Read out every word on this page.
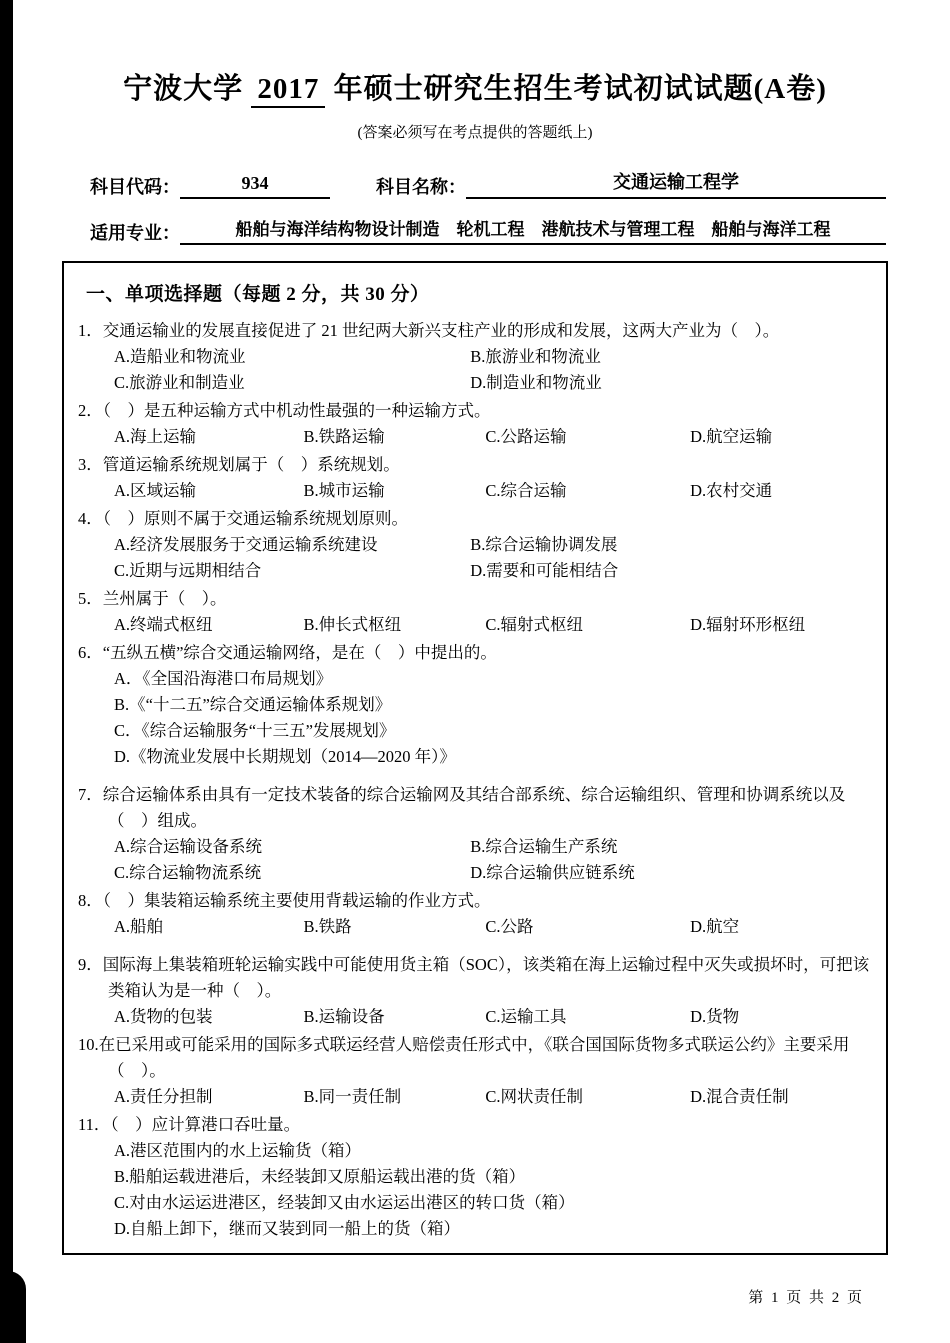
宁波大学 2017 年硕士研究生招生考试初试试题(A卷)
(答案必须写在考点提供的答题纸上)
科目代码：	934	科目名称：	交通运输工程学
适用专业：	船舶与海洋结构物设计制造　轮机工程　港航技术与管理工程　船舶与海洋工程
一、单项选择题（每题 2 分，共 30 分）
1．交通运输业的发展直接促进了 21 世纪两大新兴支柱产业的形成和发展，这两大产业为（　）。
A.造船业和物流业	B.旅游业和物流业
C.旅游业和制造业	D.制造业和物流业
2．（　）是五种运输方式中机动性最强的一种运输方式。
A.海上运输	B.铁路运输	C.公路运输	D.航空运输
3．管道运输系统规划属于（　）系统规划。
A.区域运输	B.城市运输	C.综合运输	D.农村交通
4．（　）原则不属于交通运输系统规划原则。
A.经济发展服务于交通运输系统建设	B.综合运输协调发展
C.近期与远期相结合	D.需要和可能相结合
5．兰州属于（　）。
A.终端式枢纽	B.伸长式枢纽	C.辐射式枢纽	D.辐射环形枢纽
6．“五纵五横”综合交通运输网络，是在（　）中提出的。
A．《全国沿海港口布局规划》
B.《“十二五”综合交通运输体系规划》
C．《综合运输服务“十三五”发展规划》
D.《物流业发展中长期规划（2014—2020 年）》
7．综合运输体系由具有一定技术装备的综合运输网及其结合部系统、综合运输组织、管理和协调系统以及（　）组成。
A.综合运输设备系统	B.综合运输生产系统
C.综合运输物流系统	D.综合运输供应链系统
8．（　）集装箱运输系统主要使用背载运输的作业方式。
A.船舶	B.铁路	C.公路	D.航空
9．国际海上集装箱班轮运输实践中可能使用货主箱（SOC），该类箱在海上运输过程中灭失或损坏时，可把该类箱认为是一种（　）。
A.货物的包装	B.运输设备	C.运输工具	D.货物
10.在已采用或可能采用的国际多式联运经营人赔偿责任形式中，《联合国国际货物多式联运公约》主要采用（　）。
A.责任分担制	B.同一责任制	C.网状责任制	D.混合责任制
11．（　）应计算港口吞吐量。
A.港区范围内的水上运输货（箱）
B.船舶运载进港后，未经装卸又原船运载出港的货（箱）
C.对由水运运进港区，经装卸又由水运运出港区的转口货（箱）
D.自船上卸下，继而又装到同一船上的货（箱）
第 1 页 共 2 页
